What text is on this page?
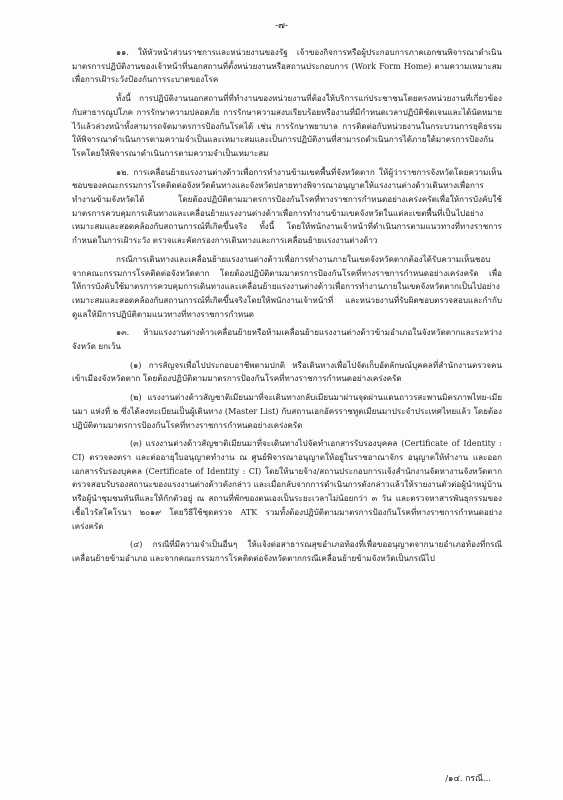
-๗-

๑๑. ให้หัวหน้าส่วนราชการและหน่วยงานของรัฐ เจ้าของกิจการหรือผู้ประกอบการภาคเอกชนพิจารณาดำเนินมาตรการปฏิบัติงานของเจ้าหน้าที่นอกสถานที่ตั้งหน่วยงานหรือสถานประกอบการ (Work Form Home) ตามความเหมาะสมเพื่อการเฝ้าระวังป้องกันการระบาดของโรค

ทั้งนี้ การปฏิบัติงานนอกสถานที่ที่ทำงานของหน่วยงานที่ต้องให้บริการแก่ประชาชนโดยตรงหน่วยงานที่เกี่ยวข้องกับสาธารณูปโภค การรักษาความปลอดภัย การรักษาความสงบเรียบร้อยหรืองานที่มีกำหนดเวลาปฏิบัติชัดเจนและได้นัดหมายไว้แล้วล่วงหน้าทั้งสามารถจัดมาตรการป้องกันโรคได้ เช่น การรักษาพยาบาล การติดต่อกับหน่วยงานในกระบวนการยุติธรรม ให้พิจารณาดำเนินการตามความจำเป็นและเหมาะสมและเป็นการปฏิบัติงานที่สามารถดำเนินการได้ภายใต้มาตรการป้องกันโรคโดยให้พิจารณาดำเนินการตามความจำเป็นเหมาะสม

๑๒. การเคลื่อนย้ายแรงงานต่างด้าวเพื่อการทำงานข้ามเขตพื้นที่จังหวัดตาก ให้ผู้ว่าราชการจังหวัดโดยความเห็นชอบของคณะกรรมการโรคติดต่อจังหวัดต้นทางและจังหวัดปลายทางพิจารณาอนุญาตให้แรงงานต่างด้าวเดินทางเพื่อการทำงานข้ามจังหวัดได้ โดยต้องปฏิบัติตามมาตรการป้องกันโรคที่ทางราชการกำหนดอย่างเคร่งครัดเพื่อให้การบังคับใช้มาตรการควบคุมการเดินทางและเคลื่อนย้ายแรงงานต่างด้าวเพื่อการทำงานข้ามเขตจังหวัดในแต่ละเขตพื้นที่เป็นไปอย่างเหมาะสมและสอดคล้องกับสถานการณ์ที่เกิดขึ้นจริง ทั้งนี้ โดยให้พนักงานเจ้าหน้าที่ดำเนินการตามแนวทางที่ทางราชการกำหนดในการเฝ้าระวัง ตรวจและคัดกรองการเดินทางและการเคลื่อนย้ายแรงงานต่างด้าว

กรณีการเดินทางและเคลื่อนย้ายแรงงานต่างด้าวเพื่อการทำงานภายในเขตจังหวัดตากต้องได้รับความเห็นชอบจากคณะกรรมการโรคติดต่อจังหวัดตาก โดยต้องปฏิบัติตามมาตรการป้องกันโรคที่ทางราชการกำหนดอย่างเคร่งครัด เพื่อให้การบังคับใช้มาตรการควบคุมการเดินทางและเคลื่อนย้ายแรงงานต่างด้าวเพื่อการทำงานภายในเขตจังหวัดตากเป็นไปอย่างเหมาะสมและสอดคล้องกับสถานการณ์ที่เกิดขึ้นจริงโดยให้พนักงานเจ้าหน้าที่ และหน่วยงานที่รับผิดชอบตรวจสอบและกำกับดูแลให้มีการปฏิบัติตามแนวทางที่ทางราชการกำหนด

๑๓. ห้ามแรงงานต่างด้าวเคลื่อนย้ายหรือห้ามเคลื่อนย้ายแรงงานต่างด้าวข้ามอำเภอในจังหวัดตากและระหว่างจังหวัด ยกเว้น

(๑) การสัญจรเพื่อไปประกอบอาชีพตามปกติ หรือเดินทางเพื่อไปจัดเก็บอัตลักษณ์บุคคลที่สำนักงานตรวจคนเข้าเมืองจังหวัดตาก โดยต้องปฏิบัติตามมาตรการป้องกันโรคที่ทางราชการกำหนดอย่างเคร่งครัด

(๒) แรงงานต่างด้าวสัญชาติเมียนมาที่จะเดินทางกลับเมียนมาผ่านจุดผ่านแดนถาวรสะพานมิตรภาพไทย-เมียนมา แห่งที่ ๒ ซึ่งได้ลงทะเบียนเป็นผู้เดินทาง (Master List) กับสถานเอกอัครราชทูตเมียนมาประจำประเทศไทยแล้ว โดยต้องปฏิบัติตามมาตรการป้องกันโรคที่ทางราชการกำหนดอย่างเคร่งครัด

(๓) แรงงานต่างด้าวสัญชาติเมียนมาที่จะเดินทางไปจัดทำเอกสารรับรองบุคคล (Certificate of Identity : CI) ตรวจลงตรา และต่ออายุใบอนุญาตทำงาน ณ ศูนย์พิจารณาอนุญาตให้อยู่ในราชอาณาจักร อนุญาตให้ทำงาน และออกเอกสารรับรองบุคคล (Certificate of Identity : CI) โดยให้นายจ้าง/สถานประกอบการแจ้งสำนักงานจัดหางานจังหวัดตากตรวจสอบรับรองสถานะของแรงงานต่างด้าวดังกล่าว และเมื่อกลับจากการดำเนินการดังกล่าวแล้วให้รายงานตัวต่อผู้นำหมู่บ้านหรือผู้นำชุมชนทันทีและให้กักตัวอยู่ ณ สถานที่พักของตนเองเป็นระยะเวลาไม่น้อยกว่า ๓ วัน และตรวจหาสารพันธุกรรมของเชื้อไวรัสโคโรนา ๒๐๑๙ โดยวิธีใช้ชุดตรวจ ATK รวมทั้งต้องปฏิบัติตามมาตรการป้องกันโรคที่ทางราชการกำหนดอย่างเคร่งครัด

(๔) กรณีที่มีความจำเป็นอื่นๆ ให้แจ้งต่อสาธารณสุขอำเภอท้องที่เพื่อขออนุญาตจากนายอำเภอท้องที่กรณีเคลื่อนย้ายข้ามอำเภอ และจากคณะกรรมการโรคติดต่อจังหวัดตากกรณีเคลื่อนย้ายข้ามจังหวัดเป็นกรณีไป

/๑๔. กรณี...
